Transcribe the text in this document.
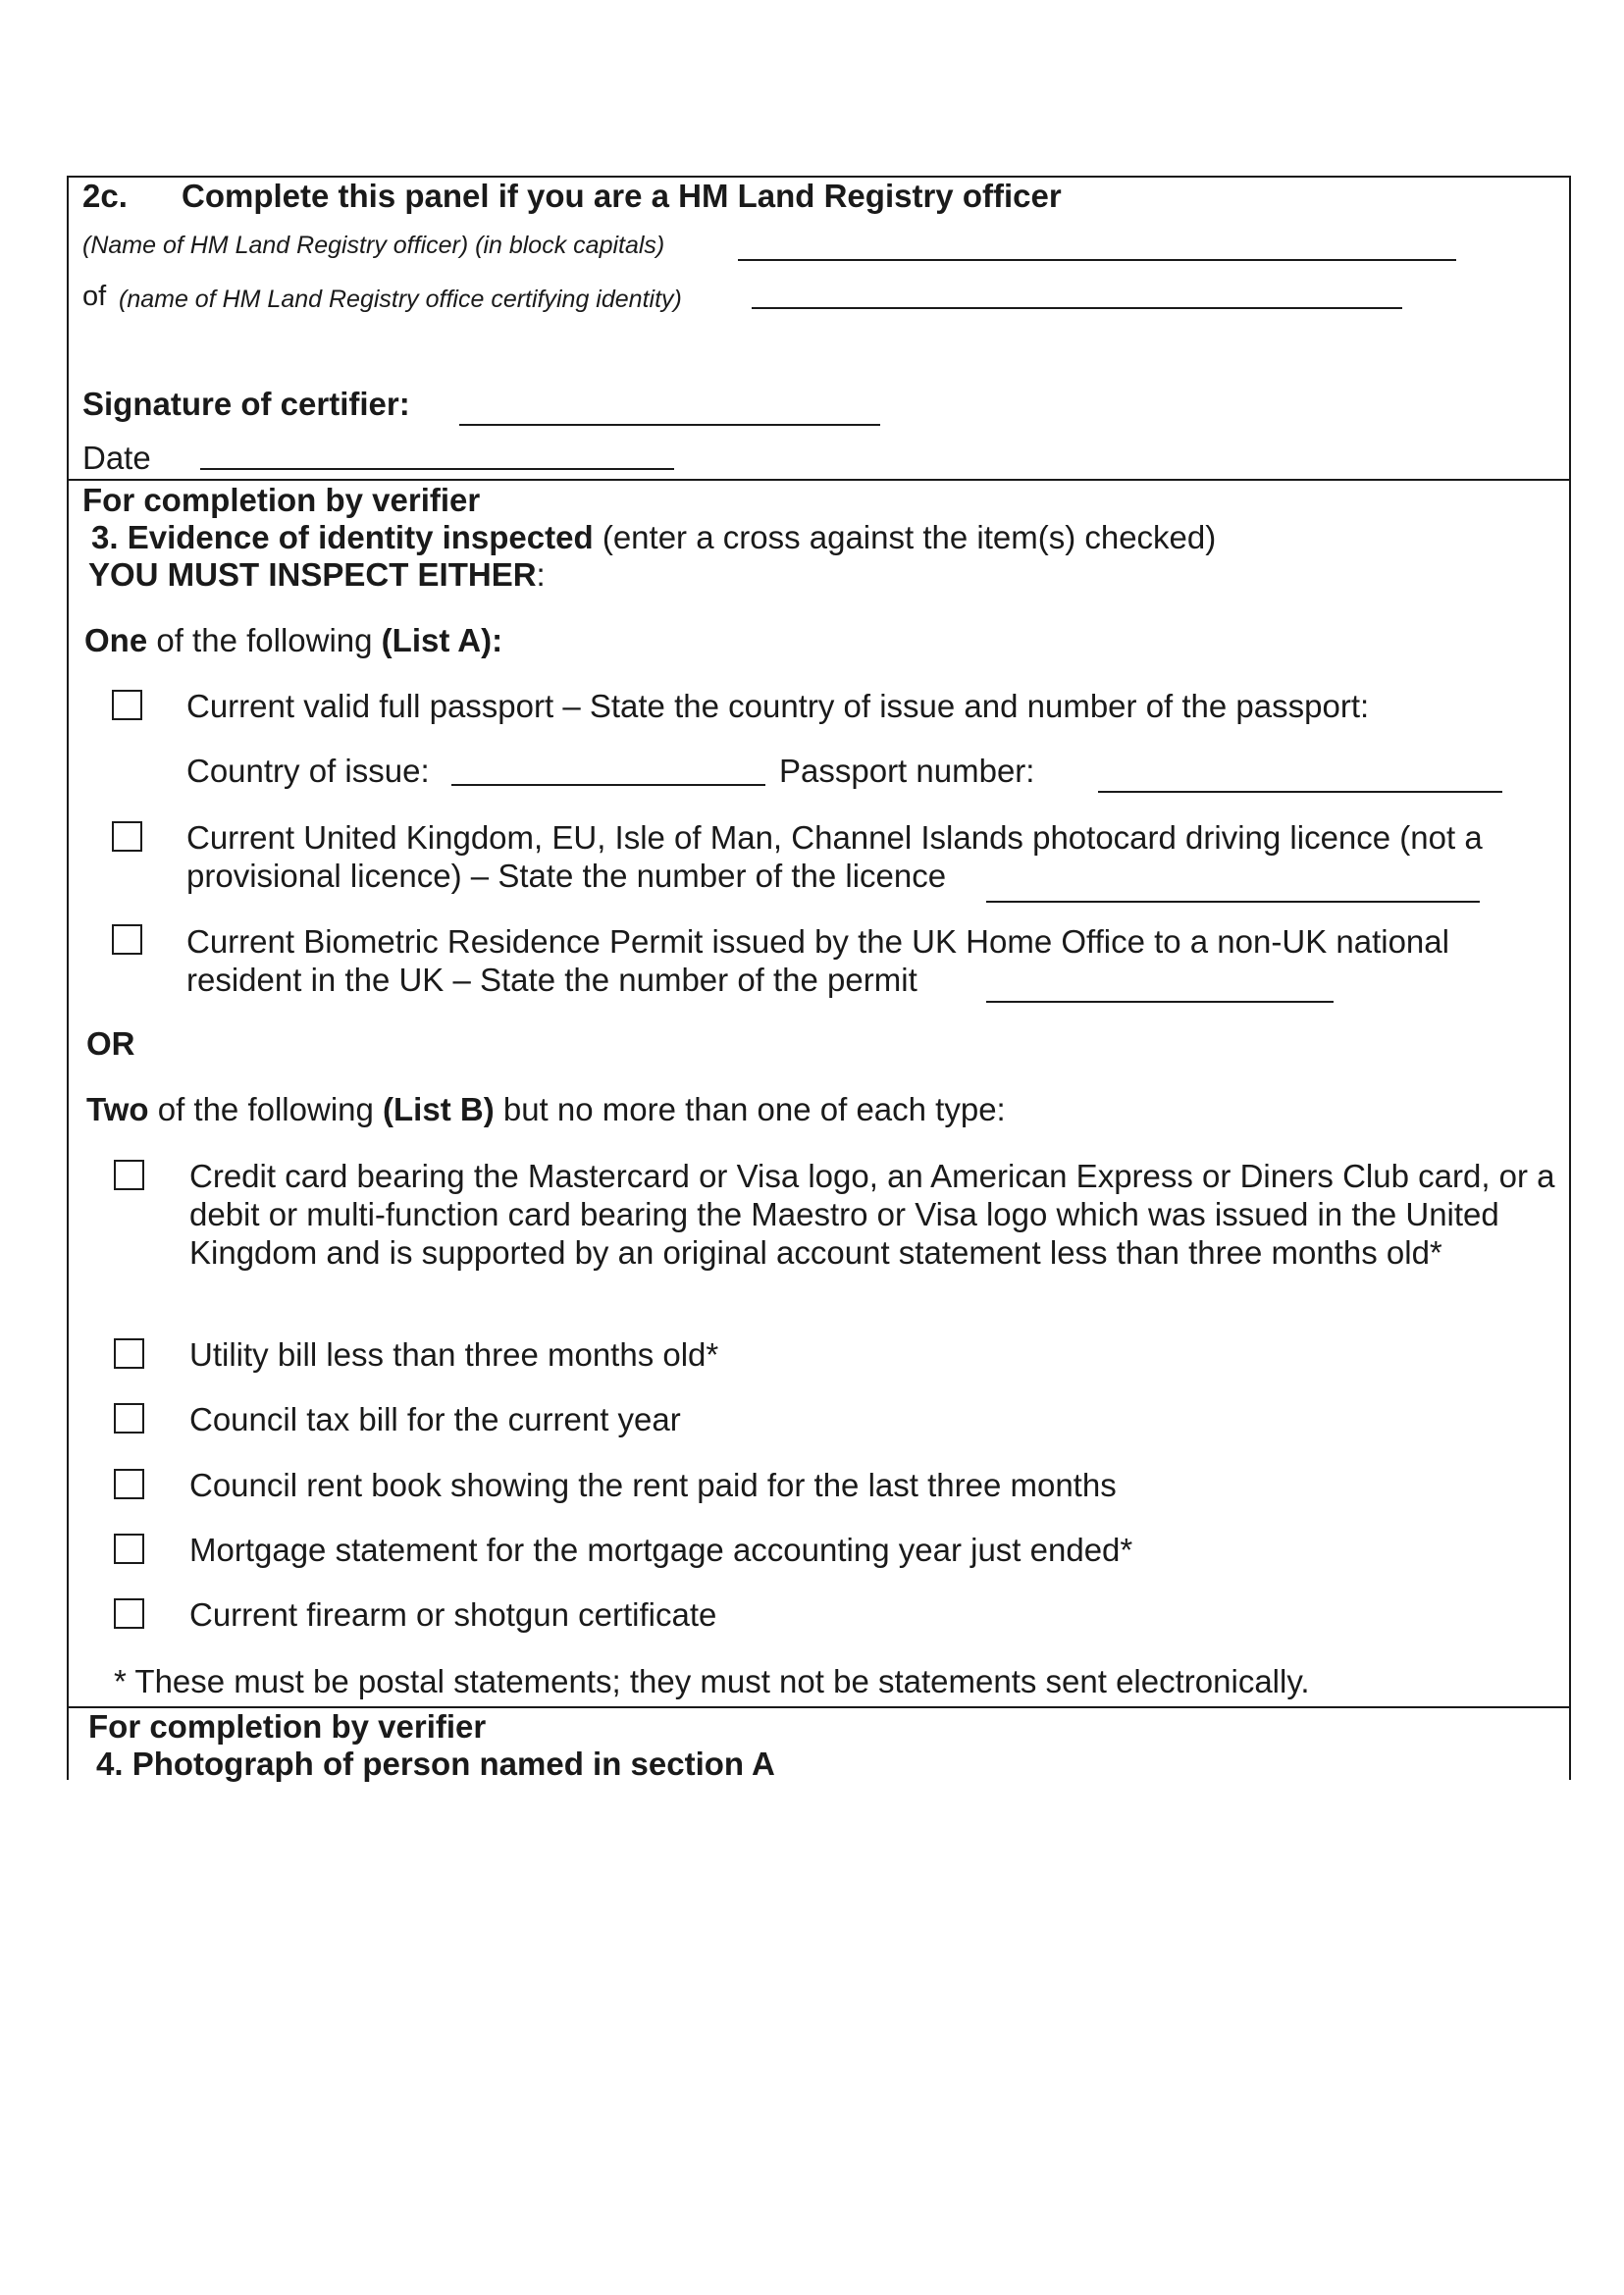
2c. Complete this panel if you are a HM Land Registry officer
(Name of HM Land Registry officer) (in block capitals)
of (name of HM Land Registry office certifying identity)
Signature of certifier:
Date
For completion by verifier
3. Evidence of identity inspected (enter a cross against the item(s) checked)
YOU MUST INSPECT EITHER:
One of the following (List A):
Current valid full passport – State the country of issue and number of the passport:
Country of issue:	Passport number:
Current United Kingdom, EU, Isle of Man, Channel Islands photocard driving licence (not a provisional licence) – State the number of the licence
Current Biometric Residence Permit issued by the UK Home Office to a non-UK national resident in the UK – State the number of the permit
OR
Two of the following (List B) but no more than one of each type:
Credit card bearing the Mastercard or Visa logo, an American Express or Diners Club card, or a debit or multi-function card bearing the Maestro or Visa logo which was issued in the United Kingdom and is supported by an original account statement less than three months old*
Utility bill less than three months old*
Council tax bill for the current year
Council rent book showing the rent paid for the last three months
Mortgage statement for the mortgage accounting year just ended*
Current firearm or shotgun certificate
* These must be postal statements; they must not be statements sent electronically.
For completion by verifier
4. Photograph of person named in section A
